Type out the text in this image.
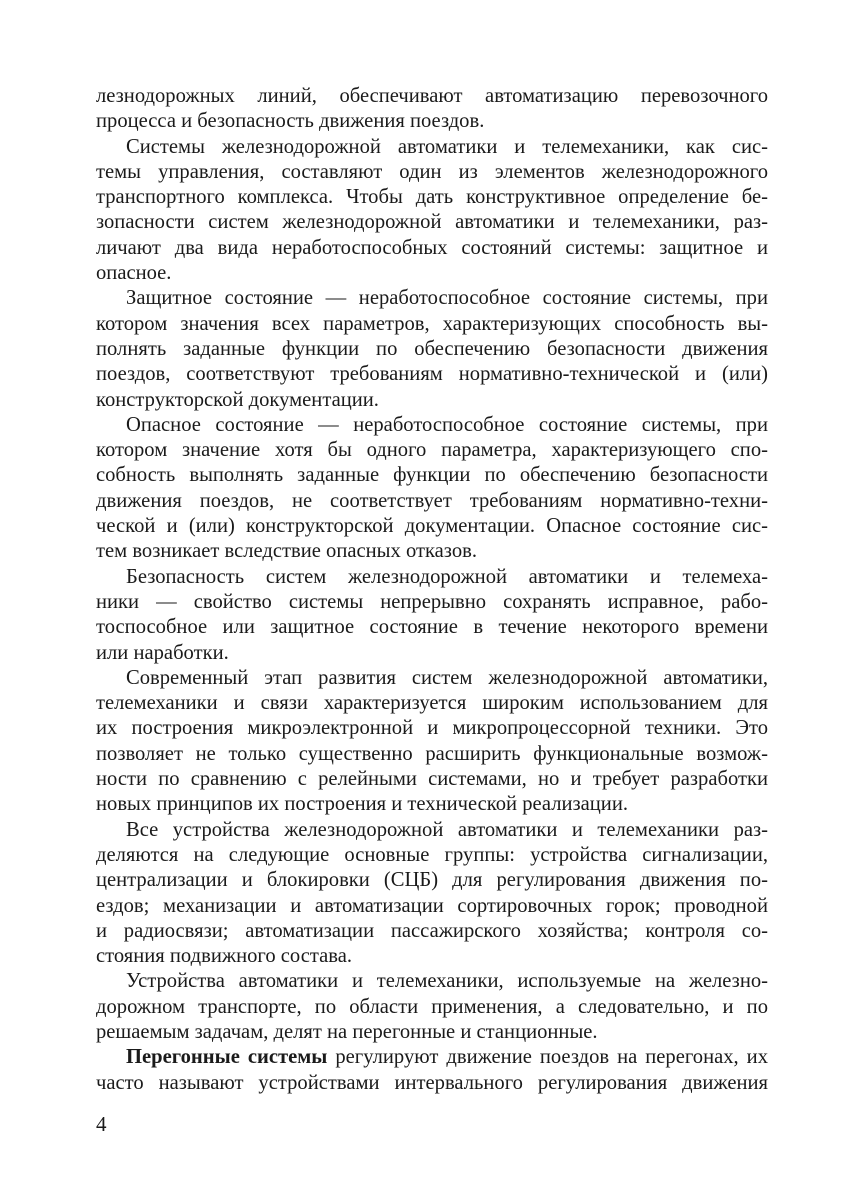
лезнодорожных линий, обеспечивают автоматизацию перевозочного
процесса и безопасность движения поездов.

Системы железнодорожной автоматики и телемеханики, как сис-
темы управления, составляют один из элементов железнодорожного
транспортного комплекса. Чтобы дать конструктивное определение бе-
зопасности систем железнодорожной автоматики и телемеханики, раз-
личают два вида неработоспособных состояний системы: защитное и
опасное.

Защитное состояние — неработоспособное состояние системы, при
котором значения всех параметров, характеризующих способность вы-
полнять заданные функции по обеспечению безопасности движения
поездов, соответствуют требованиям нормативно-технической и (или)
конструкторской документации.

Опасное состояние — неработоспособное состояние системы, при
котором значение хотя бы одного параметра, характеризующего спо-
собность выполнять заданные функции по обеспечению безопасности
движения поездов, не соответствует требованиям нормативно-техни-
ческой и (или) конструкторской документации. Опасное состояние сис-
тем возникает вследствие опасных отказов.

Безопасность систем железнодорожной автоматики и телемеха-
ники — свойство системы непрерывно сохранять исправное, рабо-
тоспособное или защитное состояние в течение некоторого времени
или наработки.

Современный этап развития систем железнодорожной автоматики,
телемеханики и связи характеризуется широким использованием для
их построения микроэлектронной и микропроцессорной техники. Это
позволяет не только существенно расширить функциональные возмож-
ности по сравнению с релейными системами, но и требует разработки
новых принципов их построения и технической реализации.

Все устройства железнодорожной автоматики и телемеханики раз-
деляются на следующие основные группы: устройства сигнализации,
централизации и блокировки (СЦБ) для регулирования движения по-
ездов; механизации и автоматизации сортировочных горок; проводной
и радиосвязи; автоматизации пассажирского хозяйства; контроля со-
стояния подвижного состава.

Устройства автоматики и телемеханики, используемые на железно-
дорожном транспорте, по области применения, а следовательно, и по
решаемым задачам, делят на перегонные и станционные.

Перегонные системы регулируют движение поездов на перегонах, их
часто называют устройствами интервального регулирования движения

4
